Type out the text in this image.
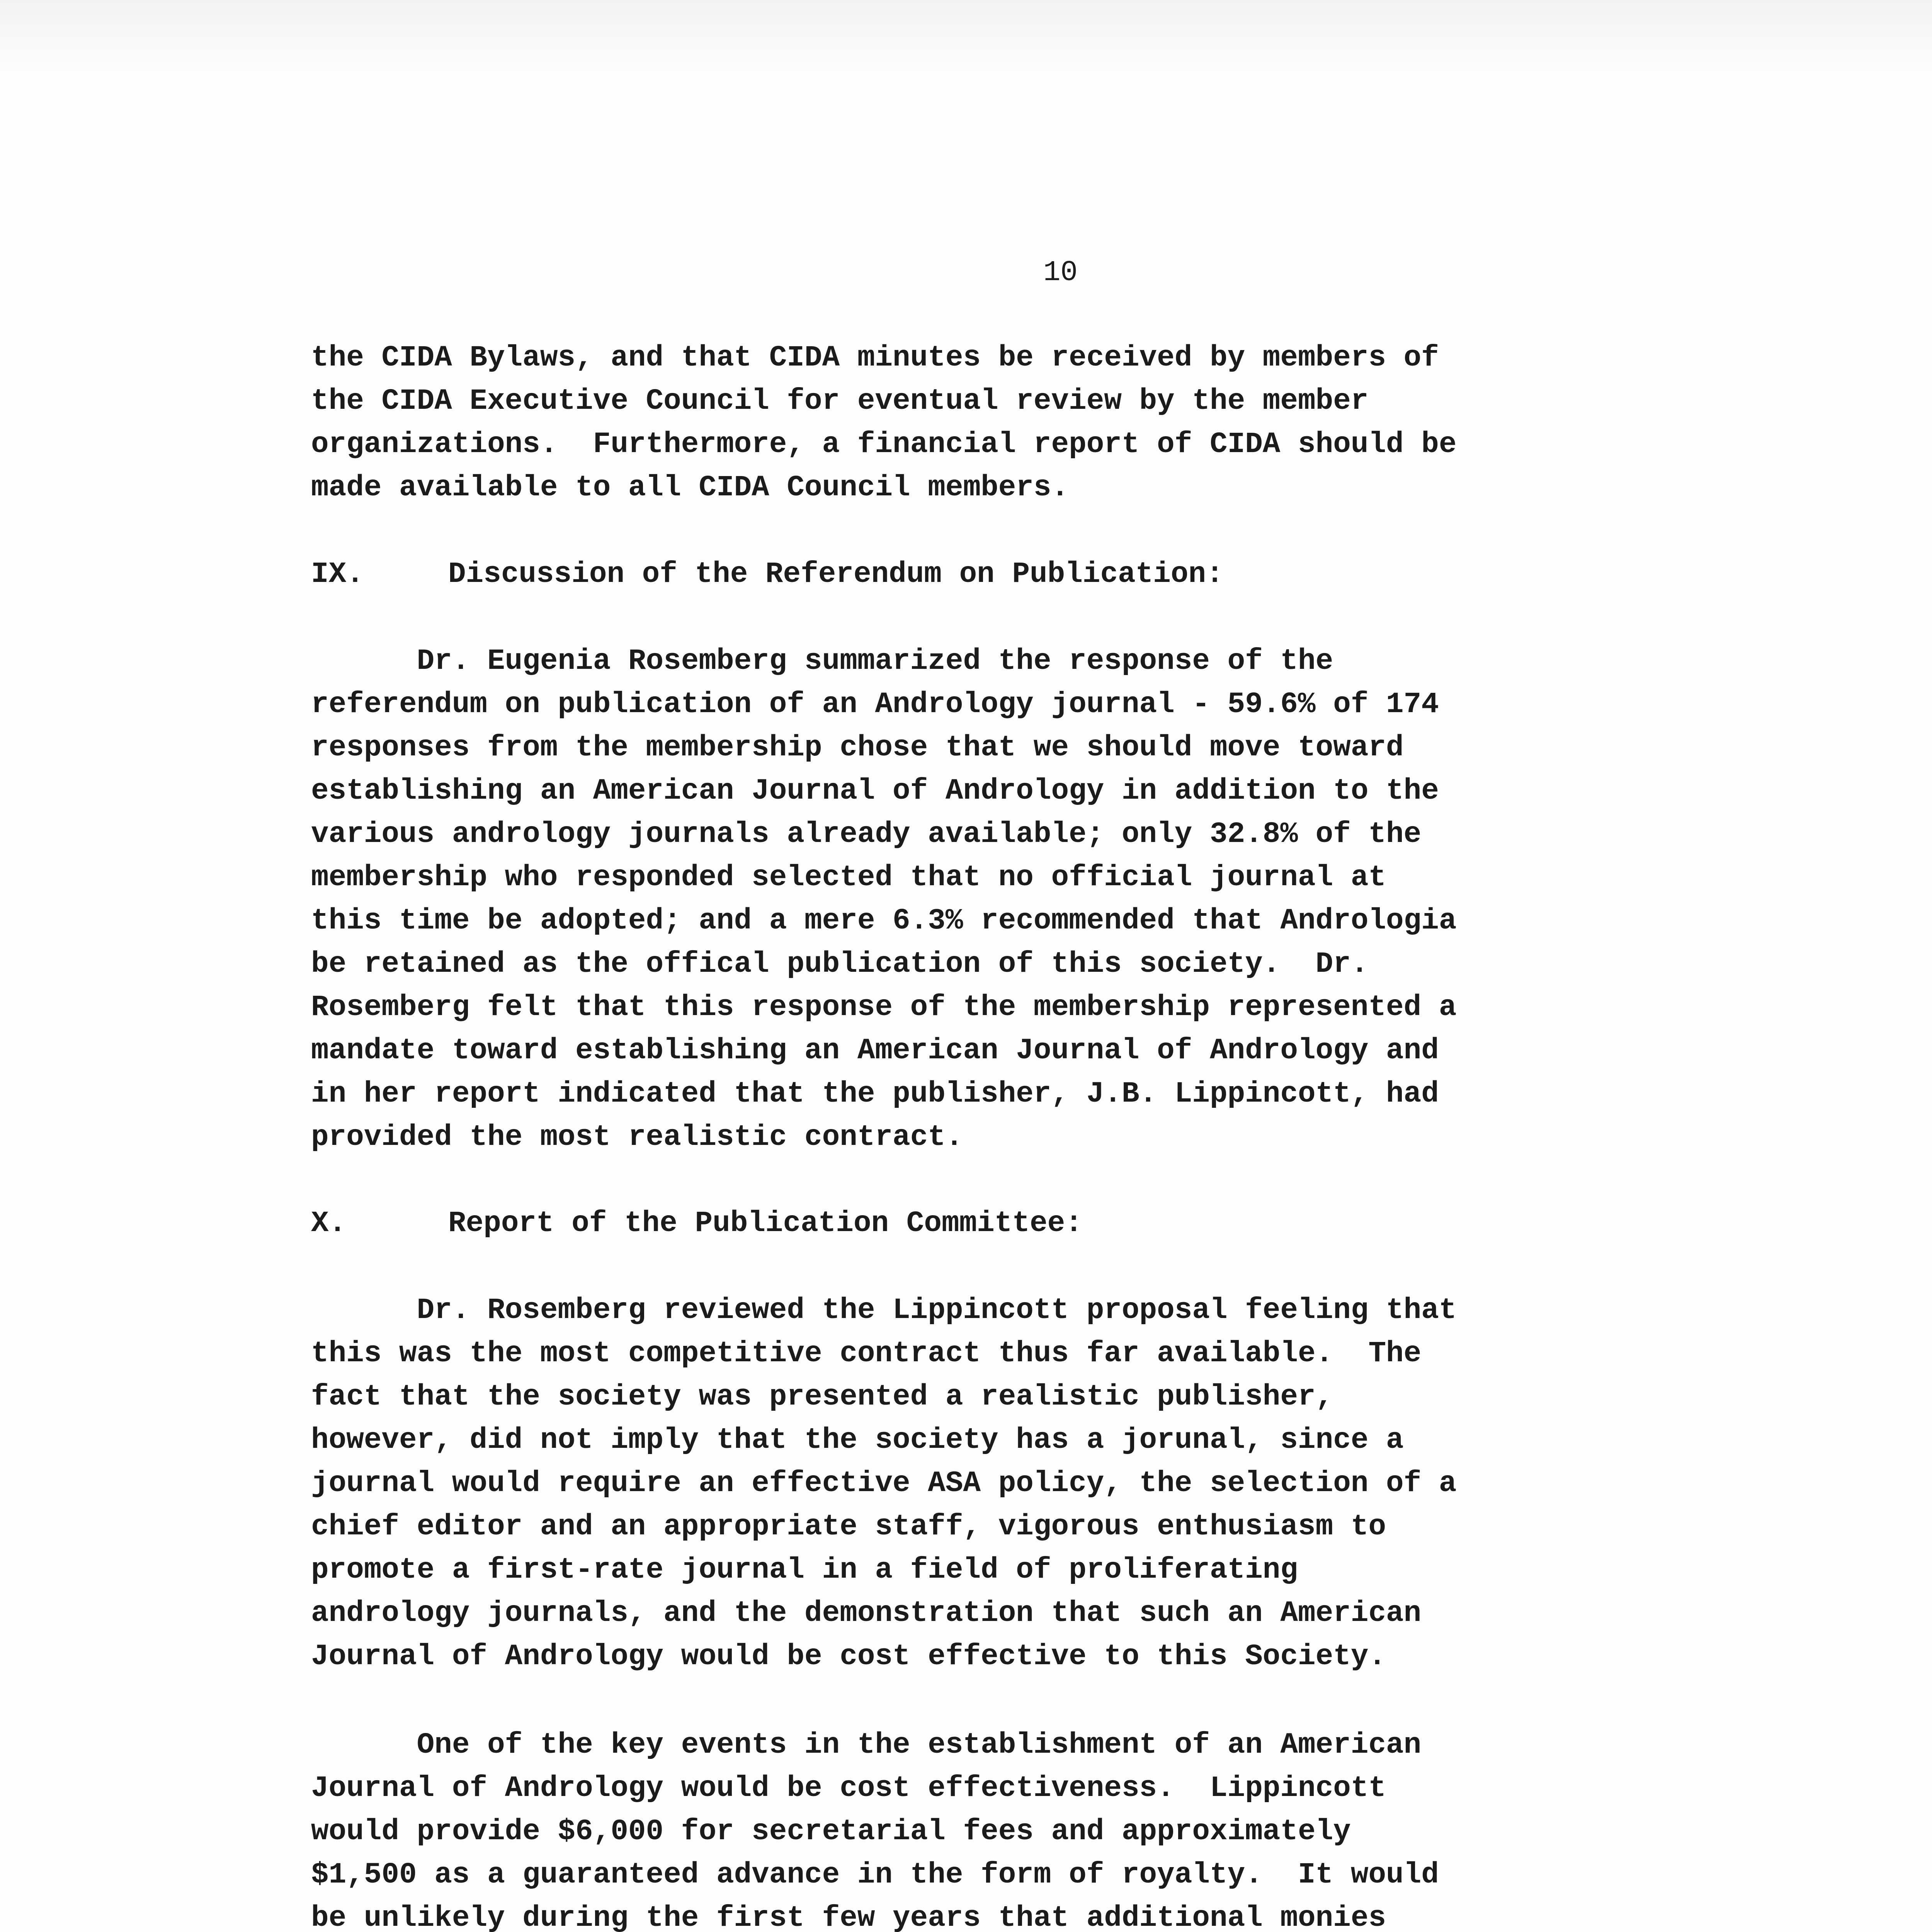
10
the CIDA Bylaws, and that CIDA minutes be received by members of
the CIDA Executive Council for eventual review by the member
organizations.  Furthermore, a financial report of CIDA should be
made available to all CIDA Council members.
IX.	Discussion of the Referendum on Publication:
Dr. Eugenia Rosemberg summarized the response of the
referendum on publication of an Andrology journal - 59.6% of 174
responses from the membership chose that we should move toward
establishing an American Journal of Andrology in addition to the
various andrology journals already available; only 32.8% of the
membership who responded selected that no official journal at
this time be adopted; and a mere 6.3% recommended that Andrologia
be retained as the offical publication of this society.  Dr.
Rosemberg felt that this response of the membership represented a
mandate toward establishing an American Journal of Andrology and
in her report indicated that the publisher, J.B. Lippincott, had
provided the most realistic contract.
X.	Report of the Publication Committee:
Dr. Rosemberg reviewed the Lippincott proposal feeling that
this was the most competitive contract thus far available.  The
fact that the society was presented a realistic publisher,
however, did not imply that the society has a jorunal, since a
journal would require an effective ASA policy, the selection of a
chief editor and an appropriate staff, vigorous enthusiasm to
promote a first-rate journal in a field of proliferating
andrology journals, and the demonstration that such an American
Journal of Andrology would be cost effective to this Society.
One of the key events in the establishment of an American
Journal of Andrology would be cost effectiveness.  Lippincott
would provide $6,000 for secretarial fees and approximately
$1,500 as a guaranteed advance in the form of royalty.  It would
be unlikely during the first few years that additional monies
